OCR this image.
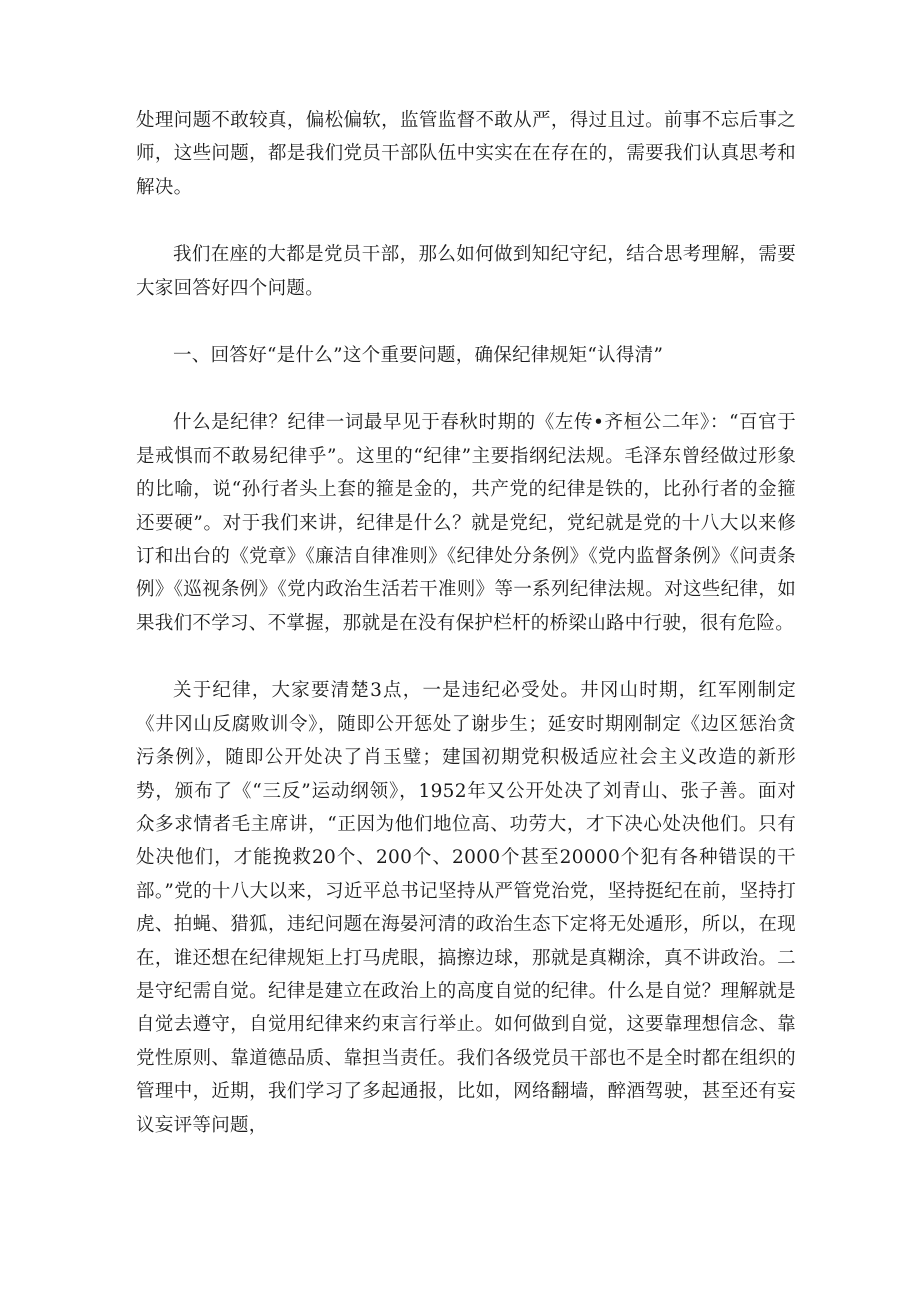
处理问题不敢较真，偏松偏软，监管监督不敢从严，得过且过。前事不忘后事之师，这些问题，都是我们党员干部队伍中实实在在存在的，需要我们认真思考和解决。

我们在座的大都是党员干部，那么如何做到知纪守纪，结合思考理解，需要大家回答好四个问题。

一、回答好“是什么”这个重要问题，确保纪律规矩“认得清”

什么是纪律？纪律一词最早见于春秋时期的《左传•齐桓公二年》：“百官于是戒惧而不敢易纪律乎”。这里的“纪律”主要指纲纪法规。毛泽东曾经做过形象的比喻，说“孙行者头上套的箍是金的，共产党的纪律是铁的，比孙行者的金箍还要硬”。对于我们来讲，纪律是什么？就是党纪，党纪就是党的十八大以来修订和出台的《党章》《廉洁自律准则》《纪律处分条例》《党内监督条例》《问责条例》《巡视条例》《党内政治生活若干准则》等一系列纪律法规。对这些纪律，如果我们不学习、不掌握，那就是在没有保护栏杆的桥梁山路中行驶，很有危险。

关于纪律，大家要清楚3点，一是违纪必受处。井冈山时期，红军刚制定《井冈山反腐败训令》，随即公开惩处了谢步生；延安时期刚制定《边区惩治贪污条例》，随即公开处决了肖玉璧；建国初期党积极适应社会主义改造的新形势，颁布了《“三反”运动纲领》，1952年又公开处决了刘青山、张子善。面对众多求情者毛主席讲，“正因为他们地位高、功劳大，才下决心处决他们。只有处决他们，才能挽救20个、200个、2000个甚至20000个犯有各种错误的干部。”党的十八大以来，习近平总书记坚持从严管党治党，坚持挺纪在前，坚持打虎、拍蝇、猎狐，违纪问题在海晏河清的政治生态下定将无处遁形，所以，在现在，谁还想在纪律规矩上打马虎眼，搞擦边球，那就是真糊涂，真不讲政治。二是守纪需自觉。纪律是建立在政治上的高度自觉的纪律。什么是自觉？理解就是自觉去遵守，自觉用纪律来约束言行举止。如何做到自觉，这要靠理想信念、靠党性原则、靠道德品质、靠担当责任。我们各级党员干部也不是全时都在组织的管理中，近期，我们学习了多起通报，比如，网络翻墙，醉酒驾驶，甚至还有妄议妄评等问题，
